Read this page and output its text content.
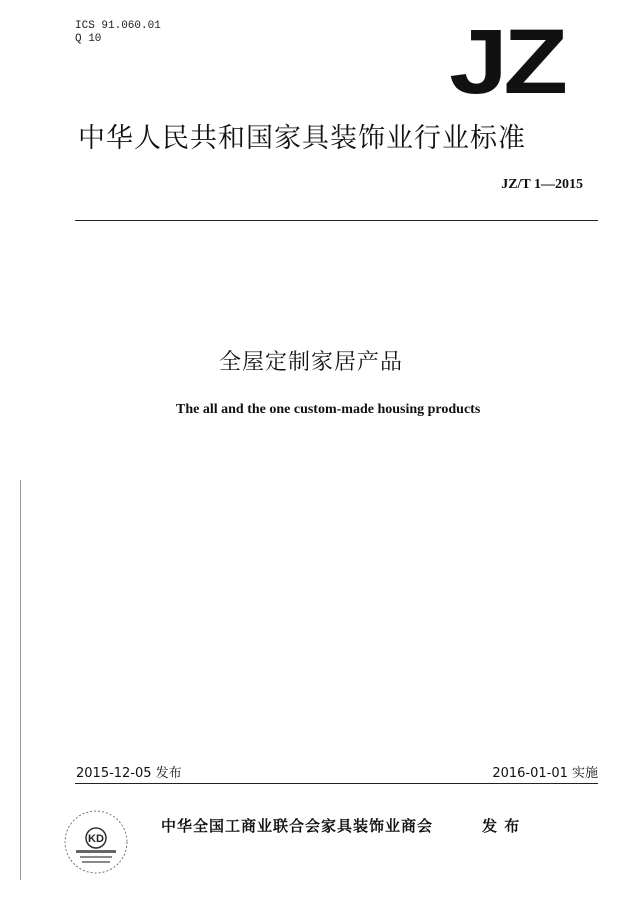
ICS 91.060.01
Q 10	JZ
中华人民共和国家具装饰业行业标准
JZ/T 1—2015
全屋定制家居产品
The all and the one custom-made housing products
2015-12-05 发布	2016-01-01 实施
KD
中华全国工商业联合会家具装饰业商会	发 布
